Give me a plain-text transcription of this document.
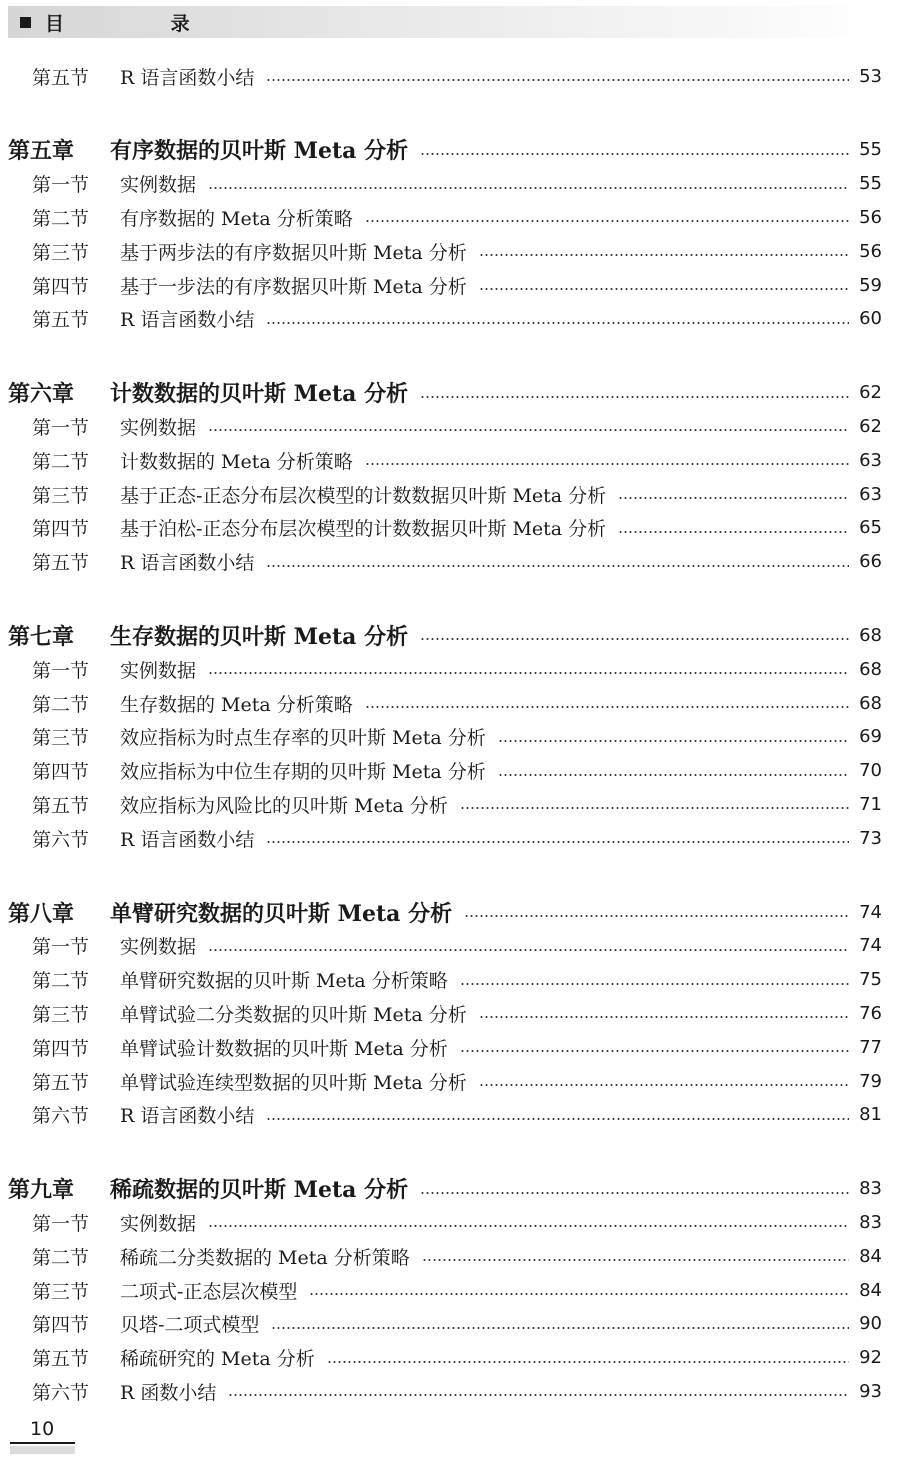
目 录
第五节	R 语言函数小结	53
第五章	有序数据的贝叶斯 Meta 分析	55
第一节	实例数据	55
第二节	有序数据的 Meta 分析策略	56
第三节	基于两步法的有序数据贝叶斯 Meta 分析	56
第四节	基于一步法的有序数据贝叶斯 Meta 分析	59
第五节	R 语言函数小结	60
第六章	计数数据的贝叶斯 Meta 分析	62
第一节	实例数据	62
第二节	计数数据的 Meta 分析策略	63
第三节	基于正态-正态分布层次模型的计数数据贝叶斯 Meta 分析	63
第四节	基于泊松-正态分布层次模型的计数数据贝叶斯 Meta 分析	65
第五节	R 语言函数小结	66
第七章	生存数据的贝叶斯 Meta 分析	68
第一节	实例数据	68
第二节	生存数据的 Meta 分析策略	68
第三节	效应指标为时点生存率的贝叶斯 Meta 分析	69
第四节	效应指标为中位生存期的贝叶斯 Meta 分析	70
第五节	效应指标为风险比的贝叶斯 Meta 分析	71
第六节	R 语言函数小结	73
第八章	单臂研究数据的贝叶斯 Meta 分析	74
第一节	实例数据	74
第二节	单臂研究数据的贝叶斯 Meta 分析策略	75
第三节	单臂试验二分类数据的贝叶斯 Meta 分析	76
第四节	单臂试验计数数据的贝叶斯 Meta 分析	77
第五节	单臂试验连续型数据的贝叶斯 Meta 分析	79
第六节	R 语言函数小结	81
第九章	稀疏数据的贝叶斯 Meta 分析	83
第一节	实例数据	83
第二节	稀疏二分类数据的 Meta 分析策略	84
第三节	二项式-正态层次模型	84
第四节	贝塔-二项式模型	90
第五节	稀疏研究的 Meta 分析	92
第六节	R 函数小结	93
10
